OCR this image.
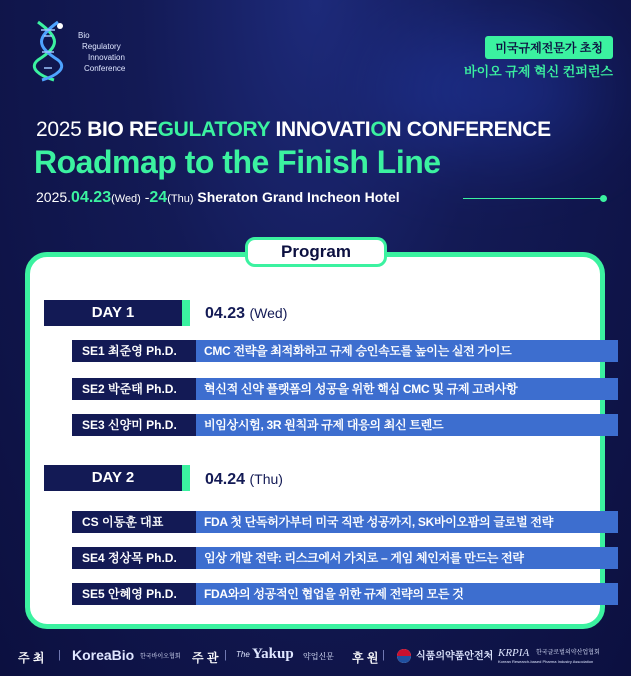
Bio
Regulatory
Innovation
Conference
미국규제전문가 초청
바이오 규제 혁신 컨퍼런스
2025 BIO REGULATORY INNOVATION CONFERENCE
Roadmap to the Finish Line
2025.04.23(Wed) -24(Thu) Sheraton Grand Incheon Hotel
DAY 1	04.23 (Wed)
SE1 최준영 Ph.D.	CMC 전략을 최적화하고 규제 승인속도를 높이는 실전 가이드
SE2 박준태 Ph.D.	혁신적 신약 플랫폼의 성공을 위한 핵심 CMC 및 규제 고려사항
SE3 신양미 Ph.D.	비임상시험, 3R 원칙과 규제 대응의 최신 트렌드
DAY 2	04.24 (Thu)
CS 이동훈 대표	FDA 첫 단독허가부터 미국 직판 성공까지, SK바이오팜의 글로벌 전략
SE4 정상목 Ph.D.	임상 개발 전략: 리스크에서 가치로 – 게임 체인저를 만드는 전략
SE5 안혜영 Ph.D.	FDA와의 성공적인 협업을 위한 규제 전략의 모든 것
Program
주 최 | KoreaBio 한국바이오협회 주 관 | The Yakup 약업신문 후 원 |	식품의약품안전처 KRPIA 한국글로벌의약산업협회
Korean Research-based Pharma Industry Association
